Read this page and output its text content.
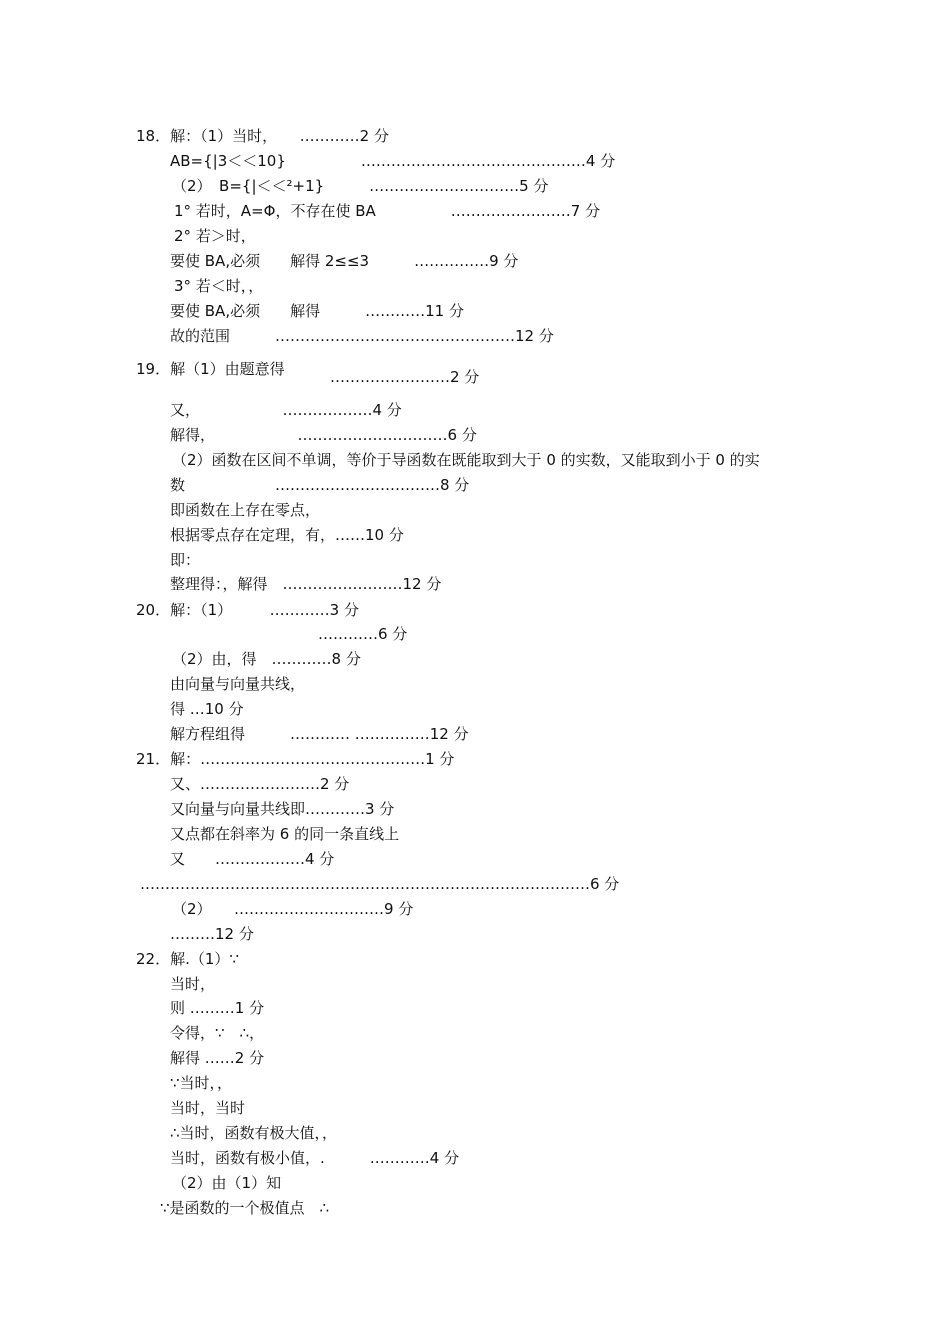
18．解：（1）当时，　　…………2 分
AB={|3＜＜10}　　　　　………………………………………4 分
（2）　B={|＜＜²+1}　　　…………………………5 分
1° 若时，A=Φ，不存在使 BA　　　　　……………………7 分
2° 若＞时，
要使 BA,必须　　解得 2≤≤3　　　……………9 分
3° 若＜时，，
要使 BA,必须　　解得　　　…………11 分
故的范围　　　…………………………………………12 分
19．解（1）由题意得	……………………2 分
又，　　　　　　………………4 分
解得，　　　　　　…………………………6 分
（2）函数在区间不单调，等价于导函数在既能取到大于 0 的实数，又能取到小于 0 的实
数　　　　　　……………………………8 分
即函数在上存在零点，
根据零点存在定理，有，……10 分
即：
整理得：，解得　……………………12 分
20．解：（1）　　　…………3 分
…………6 分
（2）由，得　…………8 分
由向量与向量共线，
得 …10 分
解方程组得　　　………… ……………12 分
21．解：………………………………………1 分
又、……………………2 分
又向量与向量共线即…………3 分
又点都在斜率为 6 的同一条直线上
又　　………………4 分
………………………………………………………………………………6 分
（2）　　…………………………9 分
………12 分
22．解.（1）∵
当时，
则 ………1 分
令得，∵　∴，
解得 ……2 分
∵当时，，
当时，当时
∴当时，函数有极大值，，
当时，函数有极小值，.　　　…………4 分
（2）由（1）知
∵是函数的一个极值点　∴
